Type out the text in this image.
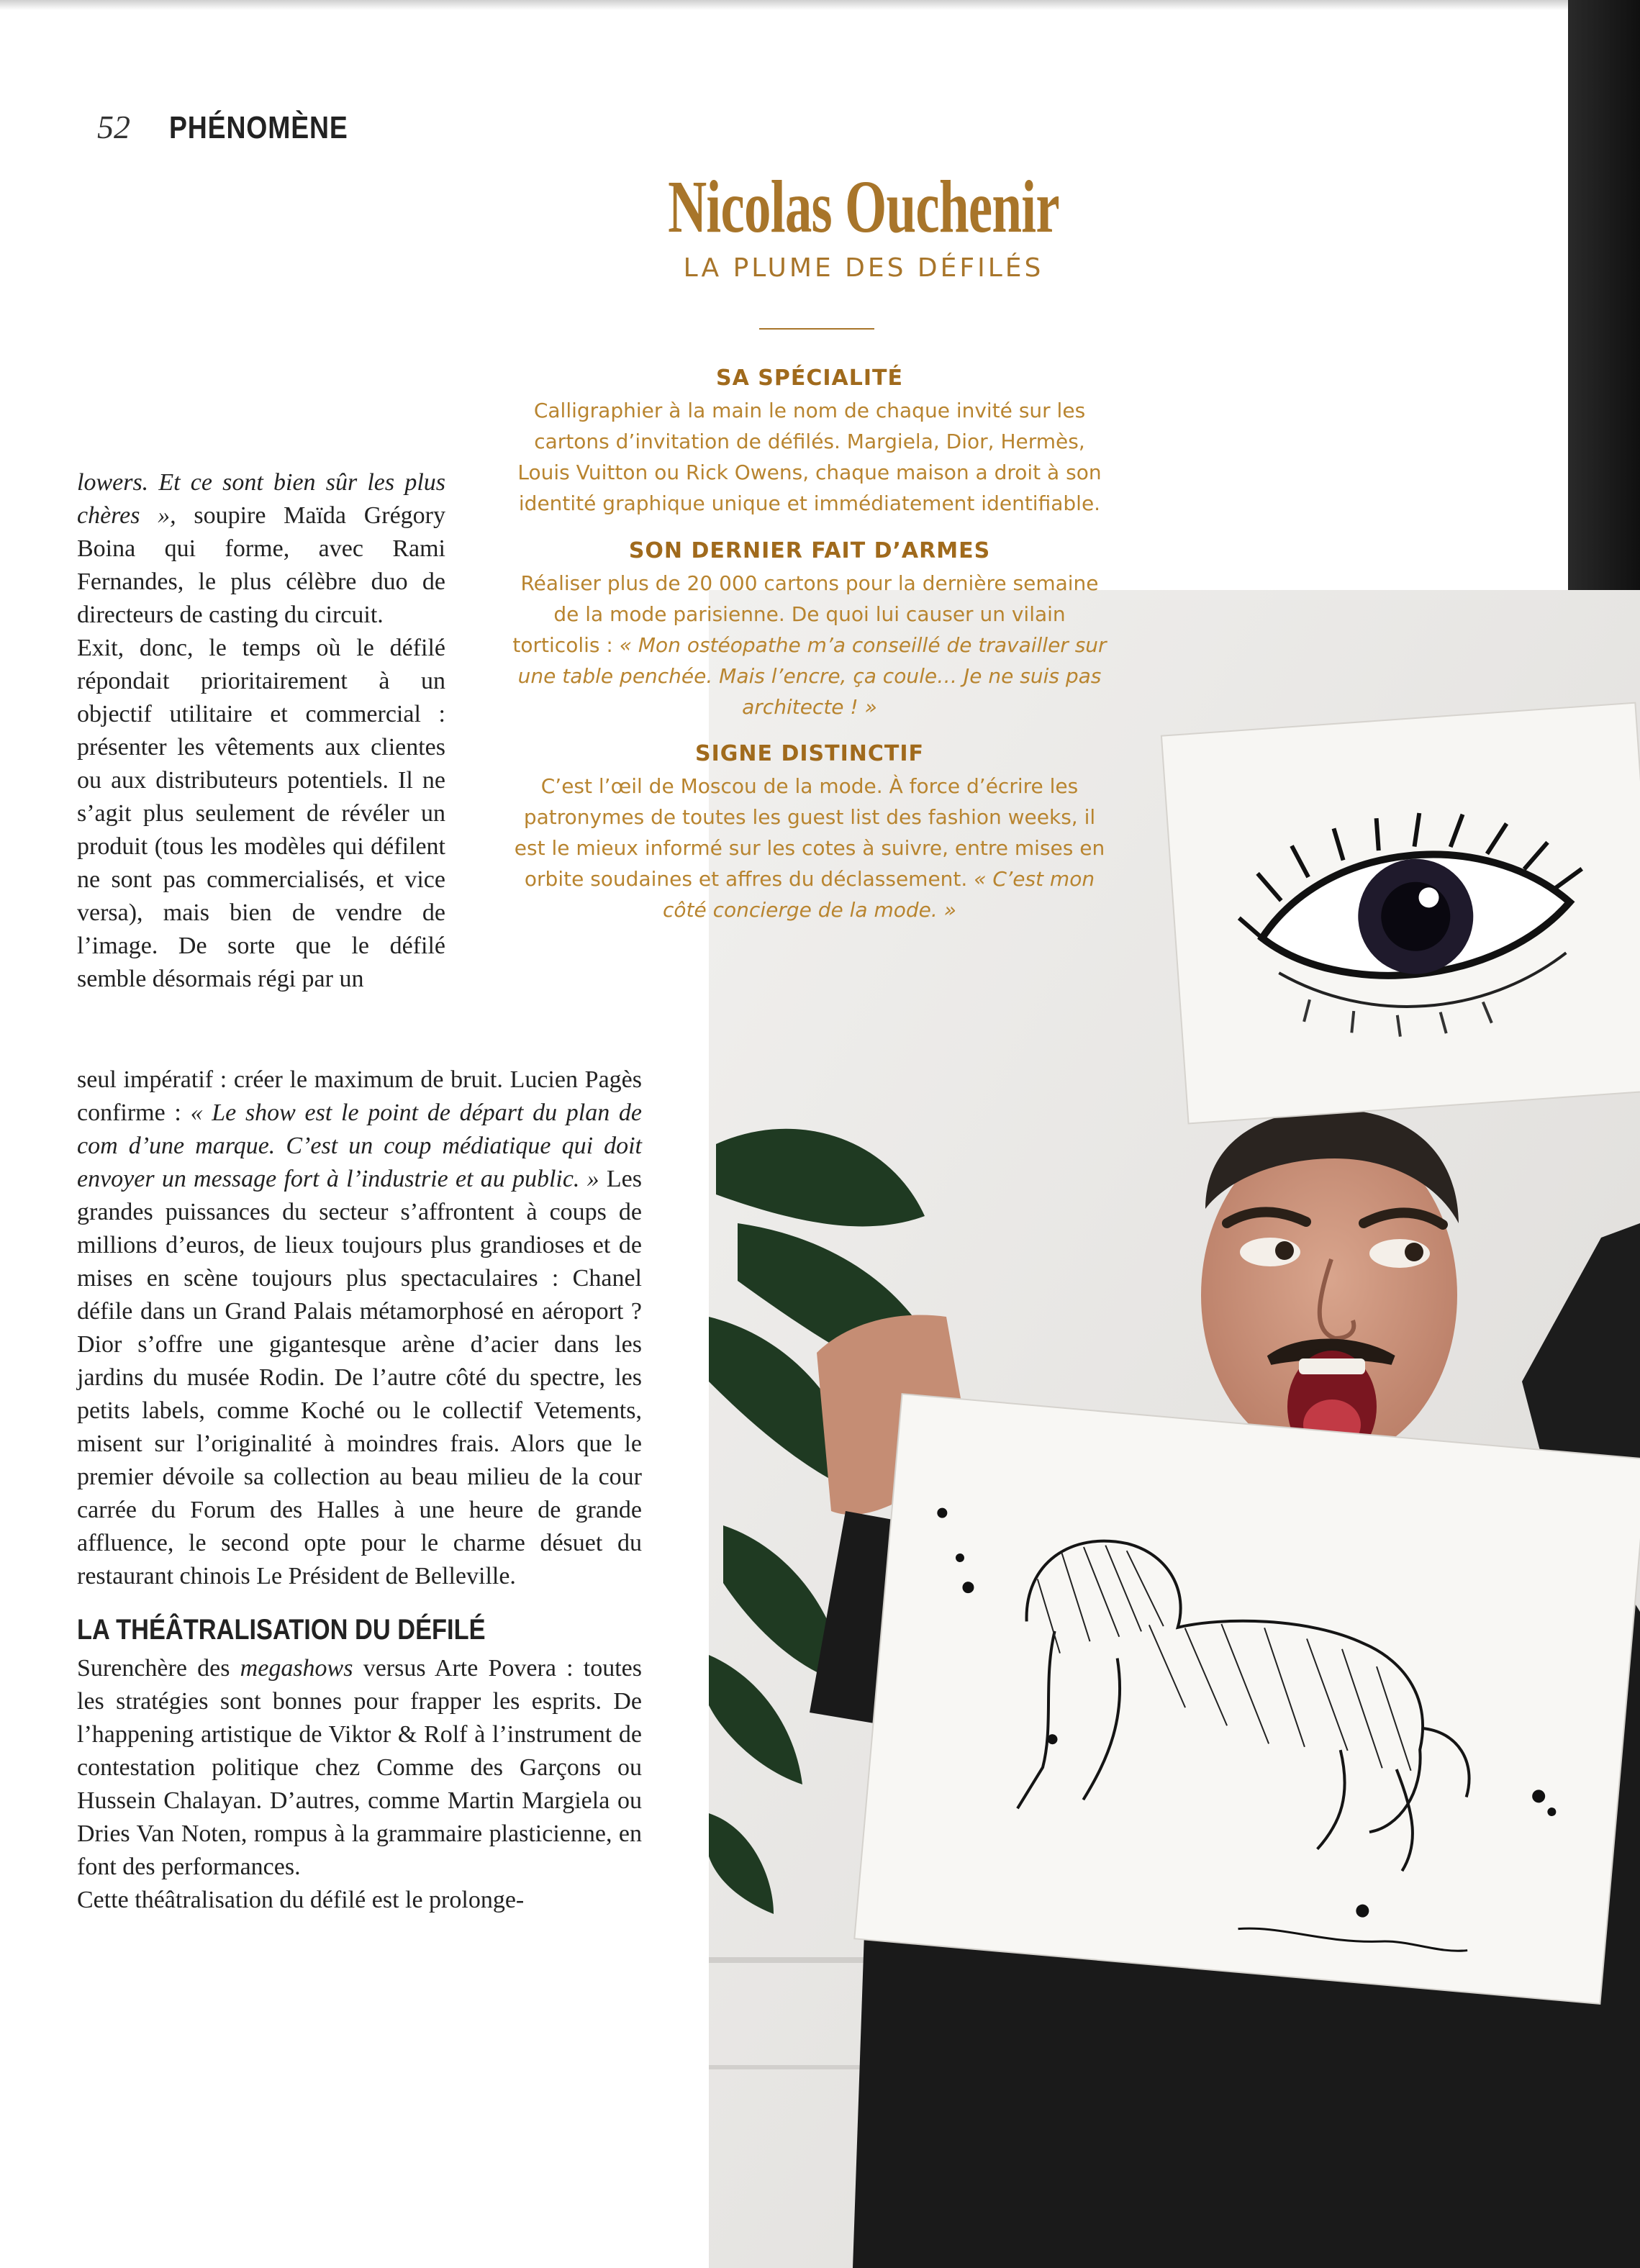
52 PHÉNOMÈNE
Nicolas Ouchenir
LA PLUME DES DÉFILÉS
SA SPÉCIALITÉ

Calligraphier à la main le nom de chaque invité sur les cartons d’invitation de défilés. Margiela, Dior, Hermès, Louis Vuitton ou Rick Owens, chaque maison a droit à son identité graphique unique et immédiatement identifiable.

SON DERNIER FAIT D’ARMES

Réaliser plus de 20 000 cartons pour la dernière semaine de la mode parisienne. De quoi lui causer un vilain torticolis : « Mon ostéopathe m’a conseillé de travailler sur une table penchée. Mais l’encre, ça coule… Je ne suis pas architecte ! »

SIGNE DISTINCTIF

C’est l’œil de Moscou de la mode. À force d’écrire les patronymes de toutes les guest list des fashion weeks, il est le mieux informé sur les cotes à suivre, entre mises en orbite soudaines et affres du déclassement. « C’est mon côté concierge de la mode. »

lowers. Et ce sont bien sûr les plus chères », soupire Maïda Grégory Boina qui forme, avec Rami Fernandes, le plus célèbre duo de directeurs de casting du circuit.

Exit, donc, le temps où le défilé répondait prioritairement à un objectif utilitaire et commercial : présenter les vêtements aux clientes ou aux distributeurs potentiels. Il ne s’agit plus seulement de révéler un produit (tous les modèles qui défilent ne sont pas commercialisés, et vice versa), mais bien de vendre de l’image. De sorte que le défilé semble désormais régi par un

seul impératif : créer le maximum de bruit. Lucien Pagès confirme : « Le show est le point de départ du plan de com d’une marque. C’est un coup médiatique qui doit envoyer un message fort à l’industrie et au public. » Les grandes puissances du secteur s’affrontent à coups de millions d’euros, de lieux toujours plus grandioses et de mises en scène toujours plus spectaculaires : Chanel défile dans un Grand Palais métamorphosé en aéroport ? Dior s’offre une gigantesque arène d’acier dans les jardins du musée Rodin. De l’autre côté du spectre, les petits labels, comme Koché ou le collectif Vetements, misent sur l’originalité à moindres frais. Alors que le premier dévoile sa collection au beau milieu de la cour carrée du Forum des Halles à une heure de grande affluence, le second opte pour le charme désuet du restaurant chinois Le Président de Belleville.

LA THÉÂTRALISATION DU DÉFILÉ

Surenchère des megashows versus Arte Povera : toutes les stratégies sont bonnes pour frapper les esprits. De l’happening artistique de Viktor & Rolf à l’instrument de contestation politique chez Comme des Garçons ou Hussein Chalayan. D’autres, comme Martin Margiela ou Dries Van Noten, rompus à la grammaire plasticienne, en font des performances.

Cette théâtralisation du défilé est le prolonge-
